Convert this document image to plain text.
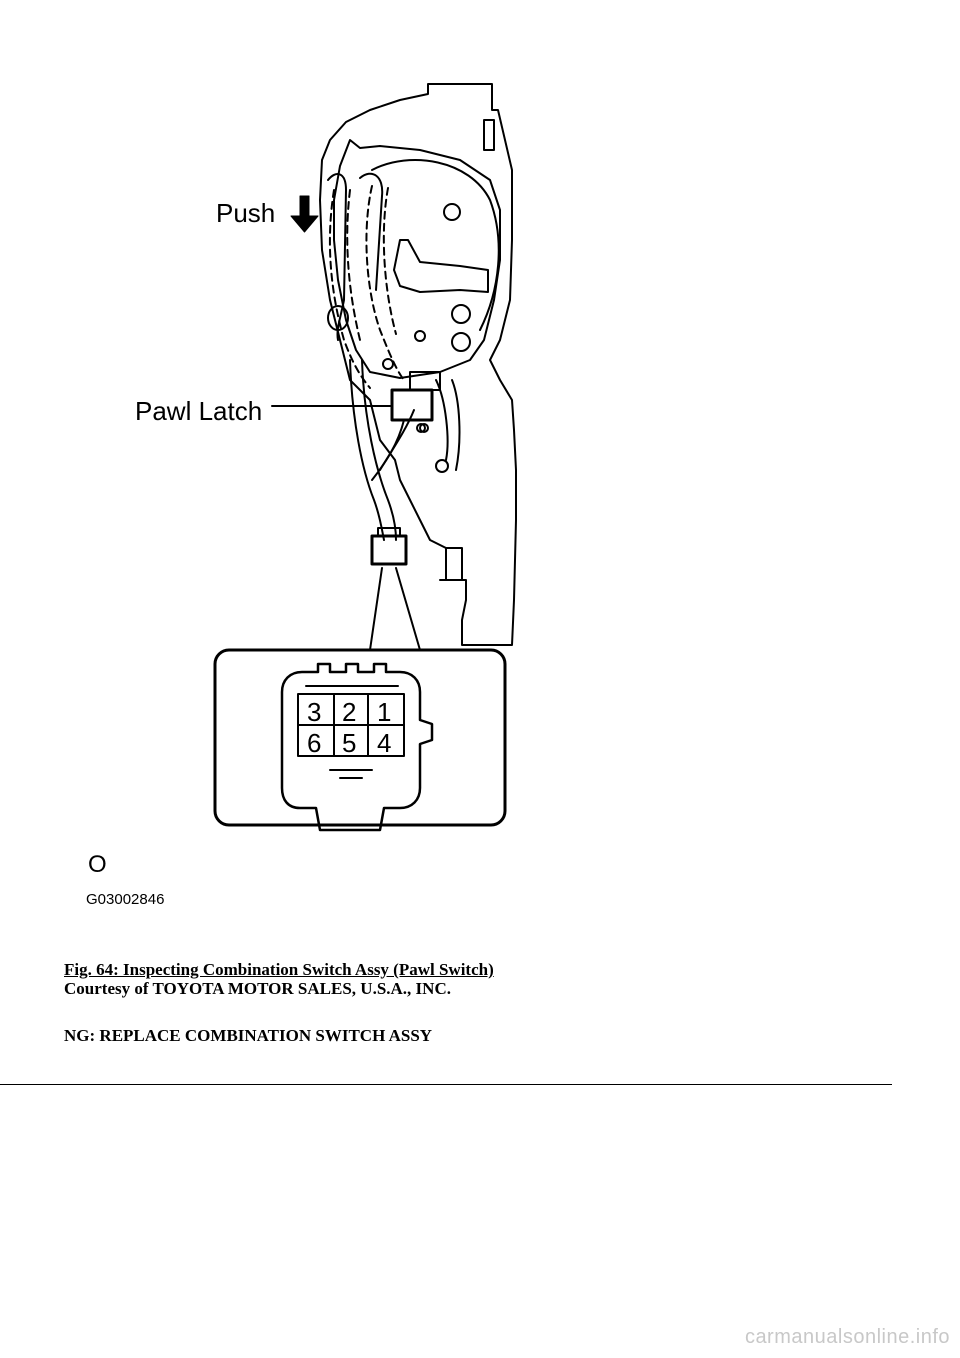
Push
Pawl Latch
3 2 1
6 5 4
O
G03002846
Fig. 64: Inspecting Combination Switch Assy (Pawl Switch)
Courtesy of TOYOTA MOTOR SALES, U.S.A., INC.
NG: REPLACE COMBINATION SWITCH ASSY
carmanualsonline.info
